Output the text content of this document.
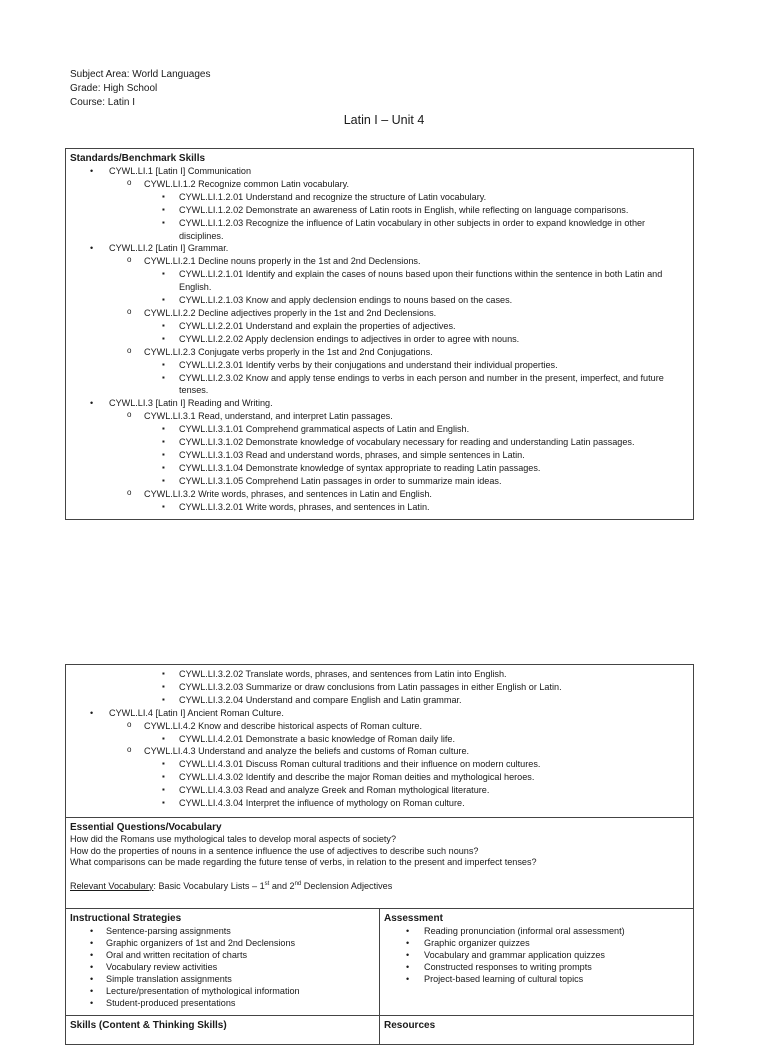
Subject Area: World Languages
Grade: High School
Course: Latin I
Latin I – Unit 4
Standards/Benchmark Skills
• CYWL.LI.1 [Latin I] Communication
o CYWL.LI.1.2 Recognize common Latin vocabulary.
▪ CYWL.LI.1.2.01 Understand and recognize the structure of Latin vocabulary.
▪ CYWL.LI.1.2.02 Demonstrate an awareness of Latin roots in English, while reflecting on language comparisons.
▪ CYWL.LI.1.2.03 Recognize the influence of Latin vocabulary in other subjects in order to expand knowledge in other disciplines.
• CYWL.LI.2 [Latin I] Grammar.
o CYWL.LI.2.1 Decline nouns properly in the 1st and 2nd Declensions.
▪ CYWL.LI.2.1.01 Identify and explain the cases of nouns based upon their functions within the sentence in both Latin and English.
▪ CYWL.LI.2.1.03 Know and apply declension endings to nouns based on the cases.
o CYWL.LI.2.2 Decline adjectives properly in the 1st and 2nd Declensions.
▪ CYWL.LI.2.2.01 Understand and explain the properties of adjectives.
▪ CYWL.LI.2.2.02 Apply declension endings to adjectives in order to agree with nouns.
o CYWL.LI.2.3 Conjugate verbs properly in the 1st and 2nd Conjugations.
▪ CYWL.LI.2.3.01 Identify verbs by their conjugations and understand their individual properties.
▪ CYWL.LI.2.3.02 Know and apply tense endings to verbs in each person and number in the present, imperfect, and future tenses.
• CYWL.LI.3 [Latin I] Reading and Writing.
o CYWL.LI.3.1 Read, understand, and interpret Latin passages.
▪ CYWL.LI.3.1.01 Comprehend grammatical aspects of Latin and English.
▪ CYWL.LI.3.1.02 Demonstrate knowledge of vocabulary necessary for reading and understanding Latin passages.
▪ CYWL.LI.3.1.03 Read and understand words, phrases, and simple sentences in Latin.
▪ CYWL.LI.3.1.04 Demonstrate knowledge of syntax appropriate to reading Latin passages.
▪ CYWL.LI.3.1.05 Comprehend Latin passages in order to summarize main ideas.
o CYWL.LI.3.2 Write words, phrases, and sentences in Latin and English.
▪ CYWL.LI.3.2.01 Write words, phrases, and sentences in Latin.
▪ CYWL.LI.3.2.02 Translate words, phrases, and sentences from Latin into English.
▪ CYWL.LI.3.2.03 Summarize or draw conclusions from Latin passages in either English or Latin.
▪ CYWL.LI.3.2.04 Understand and compare English and Latin grammar.
• CYWL.LI.4 [Latin I] Ancient Roman Culture.
o CYWL.LI.4.2 Know and describe historical aspects of Roman culture.
▪ CYWL.LI.4.2.01 Demonstrate a basic knowledge of Roman daily life.
o CYWL.LI.4.3 Understand and analyze the beliefs and customs of Roman culture.
▪ CYWL.LI.4.3.01 Discuss Roman cultural traditions and their influence on modern cultures.
▪ CYWL.LI.4.3.02 Identify and describe the major Roman deities and mythological heroes.
▪ CYWL.LI.4.3.03 Read and analyze Greek and Roman mythological literature.
▪ CYWL.LI.4.3.04 Interpret the influence of mythology on Roman culture.
Essential Questions/Vocabulary
How did the Romans use mythological tales to develop moral aspects of society?
How do the properties of nouns in a sentence influence the use of adjectives to describe such nouns?
What comparisons can be made regarding the future tense of verbs, in relation to the present and imperfect tenses?
Relevant Vocabulary: Basic Vocabulary Lists – 1st and 2nd Declension Adjectives
Instructional Strategies
• Sentence-parsing assignments
• Graphic organizers of 1st and 2nd Declensions
• Oral and written recitation of charts
• Vocabulary review activities
• Simple translation assignments
• Lecture/presentation of mythological information
• Student-produced presentations
Assessment
• Reading pronunciation (informal oral assessment)
• Graphic organizer quizzes
• Vocabulary and grammar application quizzes
• Constructed responses to writing prompts
• Project-based learning of cultural topics
Skills (Content & Thinking Skills)	Resources
